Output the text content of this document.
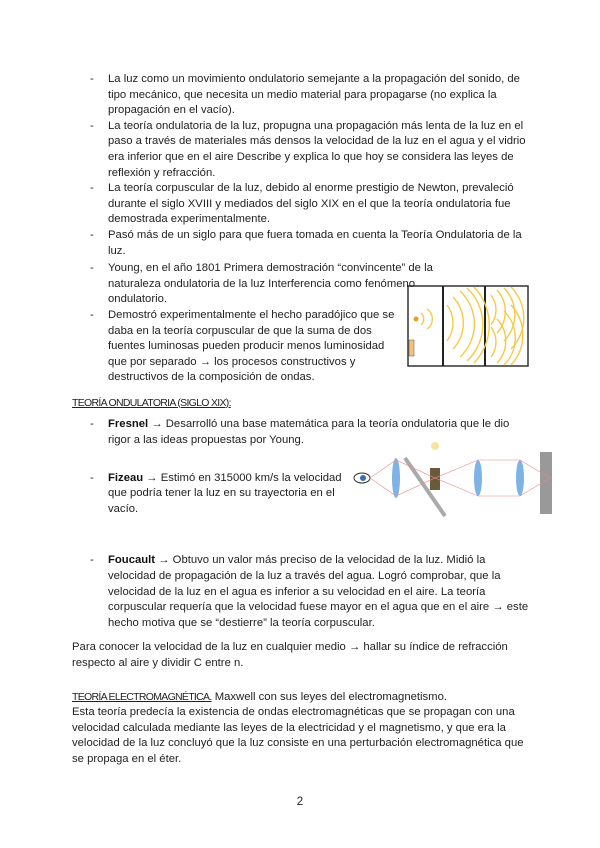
- La luz como un movimiento ondulatorio semejante a la propagación del sonido, de tipo mecánico, que necesita un medio material para propagarse (no explica la propagación en el vacío).
- La teoría ondulatoria de la luz, propugna una propagación más lenta de la luz en el paso a través de materiales más densos la velocidad de la luz en el agua y el vidrio era inferior que en el aire Describe y explica lo que hoy se considera las leyes de reflexión y refracción.
- La teoría corpuscular de la luz, debido al enorme prestigio de Newton, prevaleció durante el siglo XVIII y mediados del siglo XIX en el que la teoría ondulatoria fue demostrada experimentalmente.
- Pasó más de un siglo para que fuera tomada en cuenta la Teoría Ondulatoria de la luz.
- Young, en el año 1801 Primera demostración “convincente” de la naturaleza ondulatoria de la luz Interferencia como fenómeno ondulatorio.
- Demostró experimentalmente el hecho paradójico que se daba en la teoría corpuscular de que la suma de dos fuentes luminosas pueden producir menos luminosidad que por separado → los procesos constructivos y destructivos de la composición de ondas.
TEORÍA ONDULATORIA (SIGLO XIX):
- Fresnel → Desarrolló una base matemática para la teoría ondulatoria que le dio rigor a las ideas propuestas por Young.
- Fizeau → Estimó en 315000 km/s la velocidad que podría tener la luz en su trayectoria en el vacío.
- Foucault → Obtuvo un valor más preciso de la velocidad de la luz. Midió la velocidad de propagación de la luz a través del agua. Logró comprobar, que la velocidad de la luz en el agua es inferior a su velocidad en el aire. La teoría corpuscular requería que la velocidad fuese mayor en el agua que en el aire → este hecho motiva que se “destierre” la teoría corpuscular.
Para conocer la velocidad de la luz en cualquier medio → hallar su índice de refracción respecto al aire y dividir C entre n.
TEORÍA ELECTROMAGNÉTICA. Maxwell con sus leyes del electromagnetismo.
Esta teoría predecía la existencia de ondas electromagnéticas que se propagan con una velocidad calculada mediante las leyes de la electricidad y el magnetismo, y que era la velocidad de la luz concluyó que la luz consiste en una perturbación electromagnética que se propaga en el éter.
2
